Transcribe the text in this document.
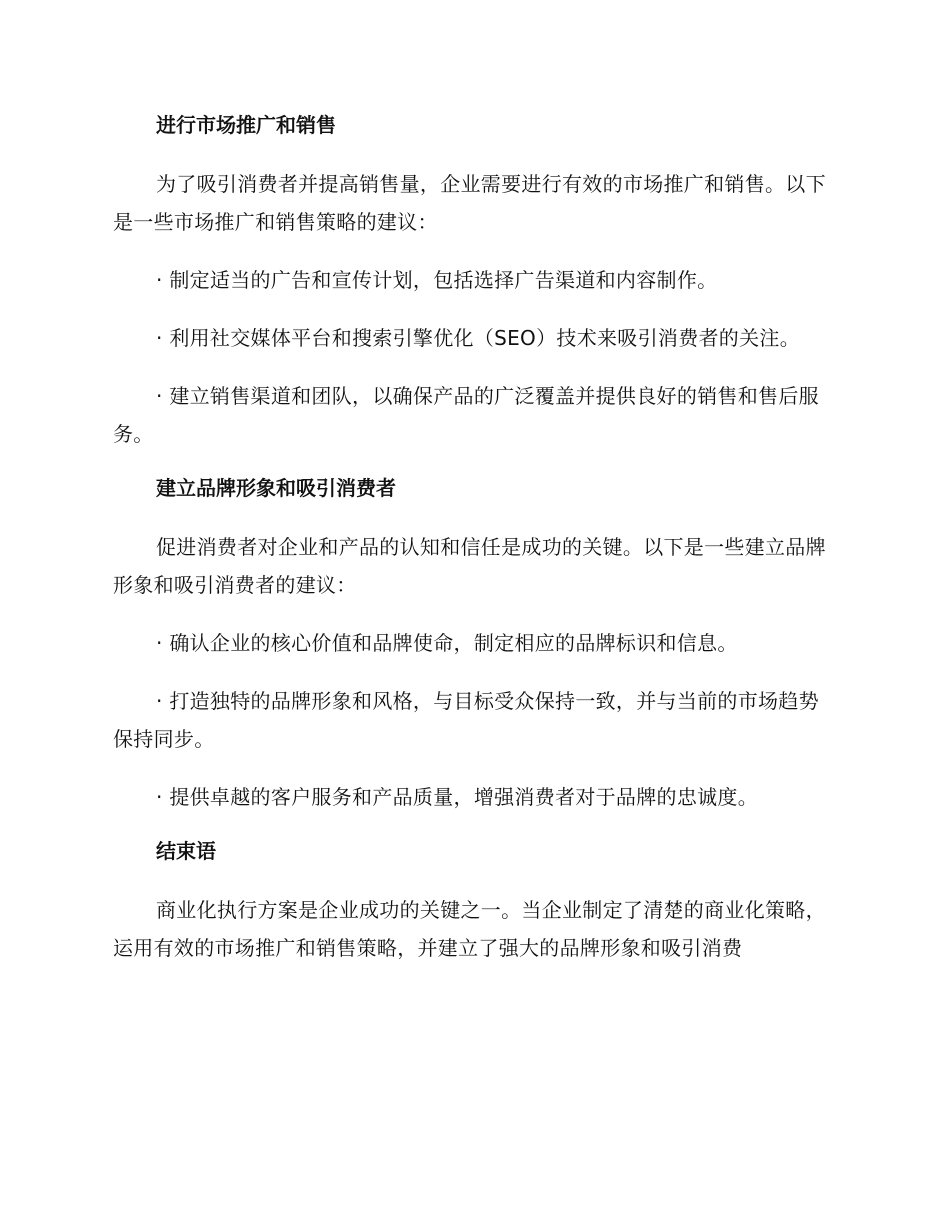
进行市场推广和销售

为了吸引消费者并提高销售量，企业需要进行有效的市场推广和销售。以下是一些市场推广和销售策略的建议：

· 制定适当的广告和宣传计划，包括选择广告渠道和内容制作。

· 利用社交媒体平台和搜索引擎优化（SEO）技术来吸引消费者的关注。

· 建立销售渠道和团队，以确保产品的广泛覆盖并提供良好的销售和售后服务。

建立品牌形象和吸引消费者

促进消费者对企业和产品的认知和信任是成功的关键。以下是一些建立品牌形象和吸引消费者的建议：

· 确认企业的核心价值和品牌使命，制定相应的品牌标识和信息。

· 打造独特的品牌形象和风格，与目标受众保持一致，并与当前的市场趋势保持同步。

· 提供卓越的客户服务和产品质量，增强消费者对于品牌的忠诚度。

结束语

商业化执行方案是企业成功的关键之一。当企业制定了清楚的商业化策略，运用有效的市场推广和销售策略，并建立了强大的品牌形象和吸引消费
